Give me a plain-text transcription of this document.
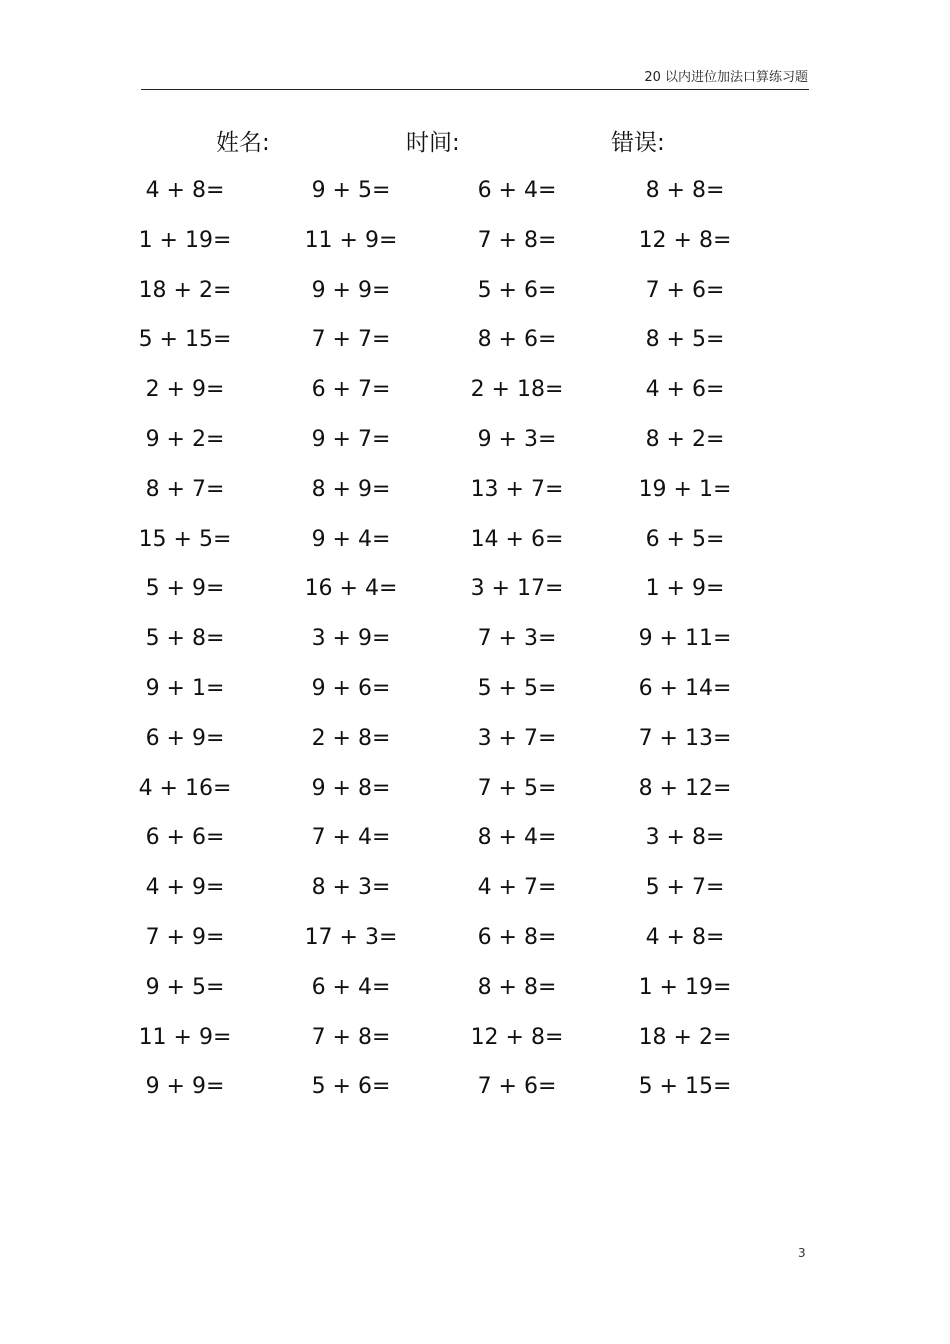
20 以内进位加法口算练习题
姓名:	时间:	错误:
4 + 8=	9 + 5=	6 + 4=	8 + 8=
1 + 19=	11 + 9=	7 + 8=	12 + 8=
18 + 2=	9 + 9=	5 + 6=	7 + 6=
5 + 15=	7 + 7=	8 + 6=	8 + 5=
2 + 9=	6 + 7=	2 + 18=	4 + 6=
9 + 2=	9 + 7=	9 + 3=	8 + 2=
8 + 7=	8 + 9=	13 + 7=	19 + 1=
15 + 5=	9 + 4=	14 + 6=	6 + 5=
5 + 9=	16 + 4=	3 + 17=	1 + 9=
5 + 8=	3 + 9=	7 + 3=	9 + 11=
9 + 1=	9 + 6=	5 + 5=	6 + 14=
6 + 9=	2 + 8=	3 + 7=	7 + 13=
4 + 16=	9 + 8=	7 + 5=	8 + 12=
6 + 6=	7 + 4=	8 + 4=	3 + 8=
4 + 9=	8 + 3=	4 + 7=	5 + 7=
7 + 9=	17 + 3=	6 + 8=	4 + 8=
9 + 5=	6 + 4=	8 + 8=	1 + 19=
11 + 9=	7 + 8=	12 + 8=	18 + 2=
9 + 9=	5 + 6=	7 + 6=	5 + 15=
3
